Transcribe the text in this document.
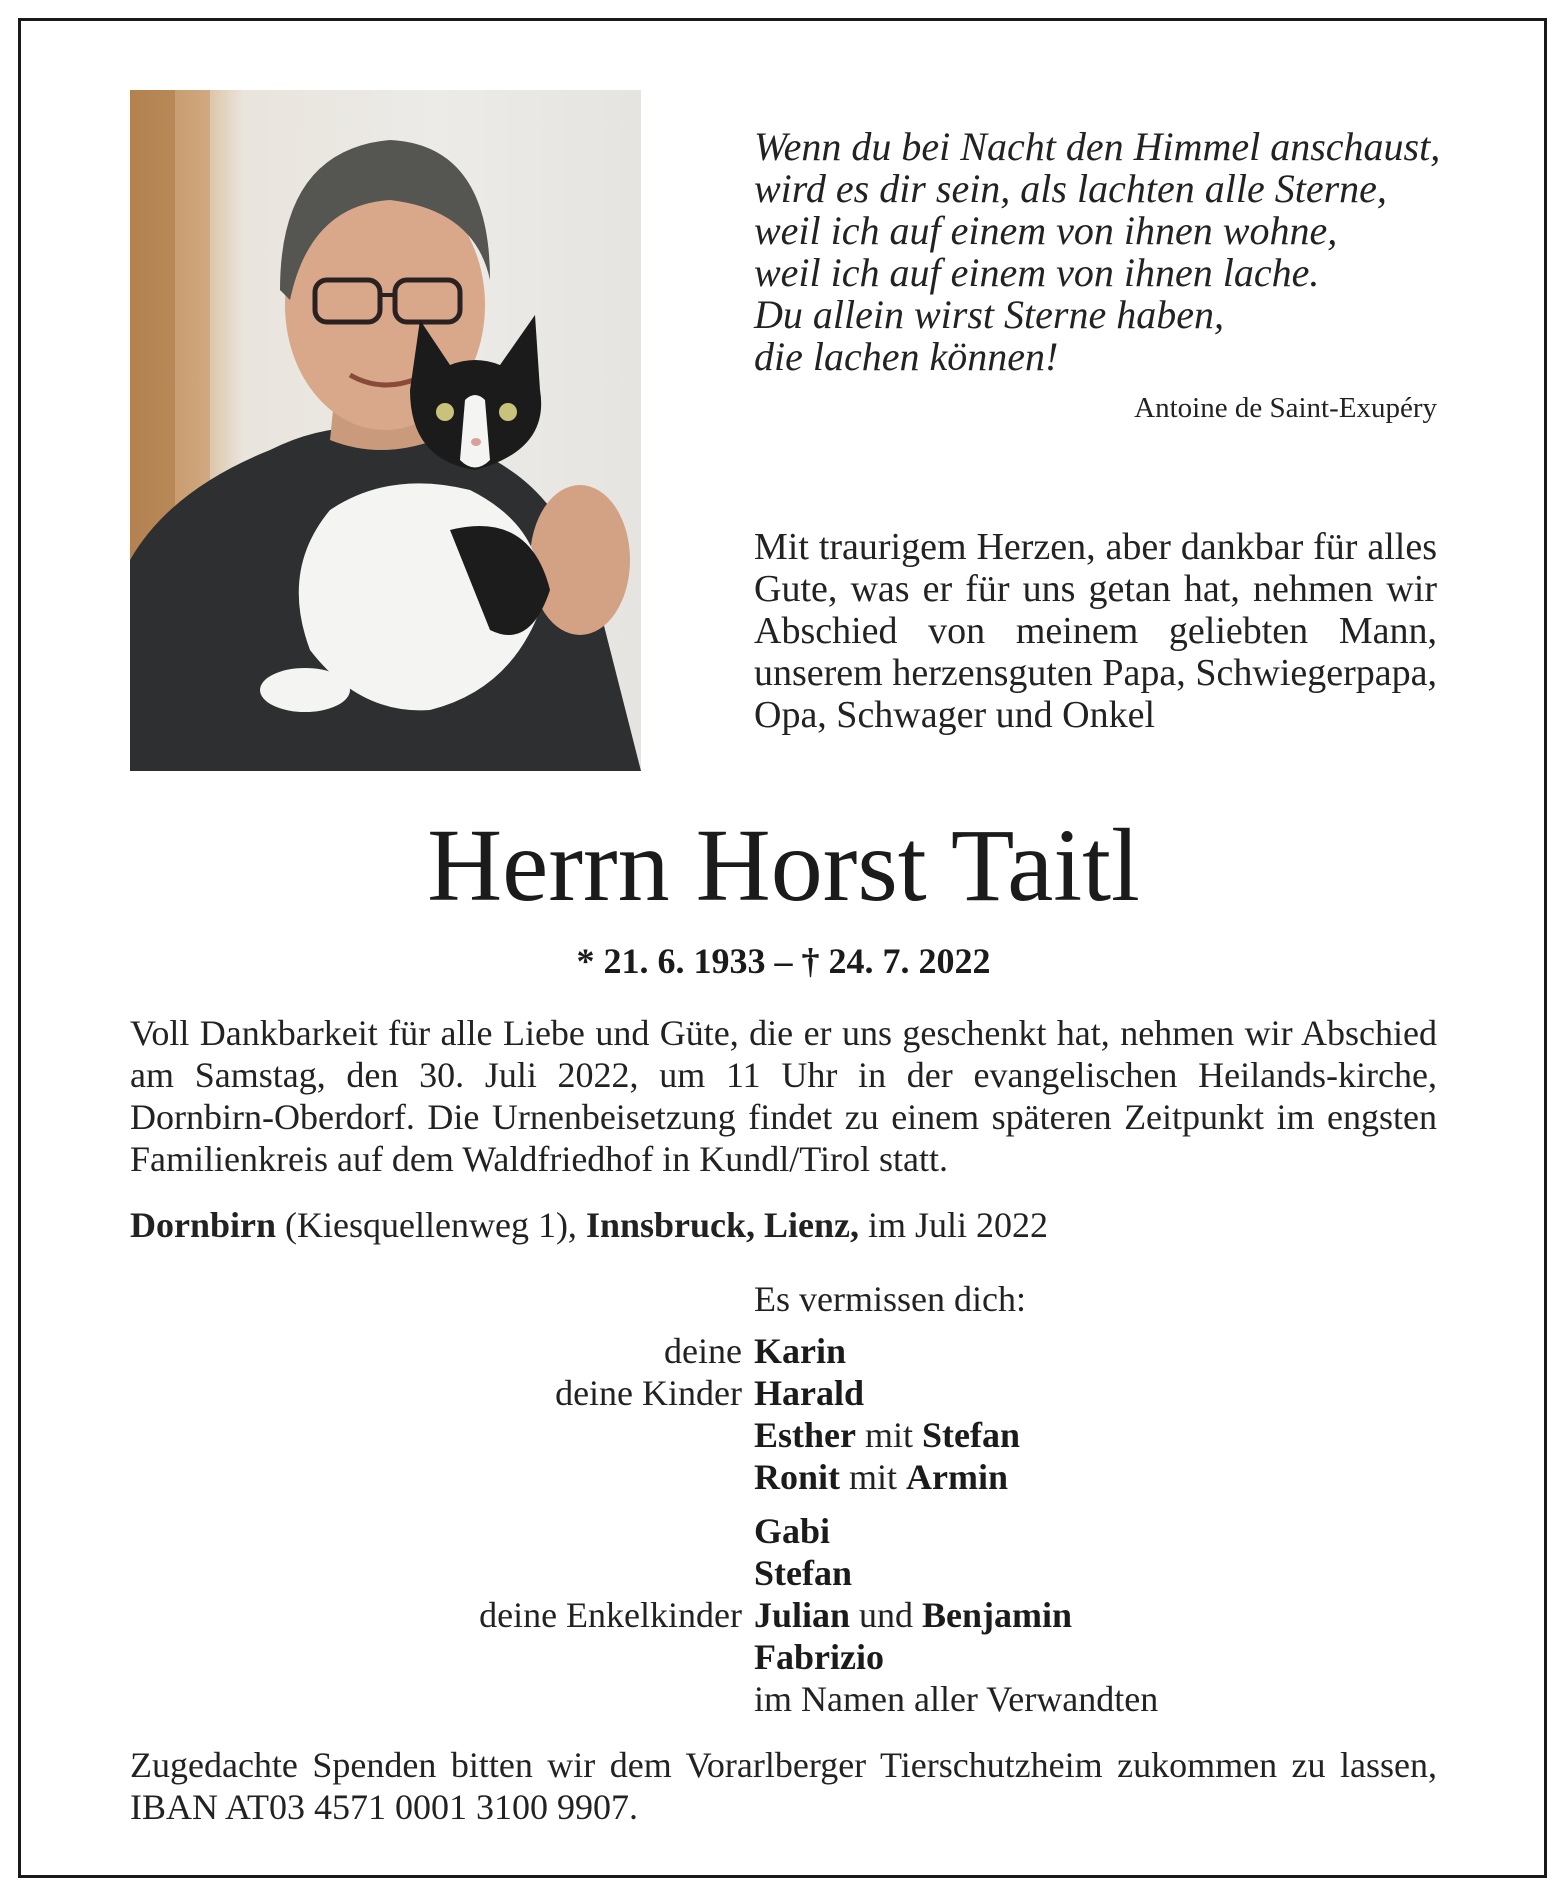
Wenn du bei Nacht den Himmel anschaust,
wird es dir sein, als lachten alle Sterne,
weil ich auf einem von ihnen wohne,
weil ich auf einem von ihnen lache.
Du allein wirst Sterne haben,
die lachen können!
Antoine de Saint-Exupéry
Mit traurigem Herzen, aber dankbar für alles Gute, was er für uns getan hat, nehmen wir Abschied von meinem geliebten Mann, unserem herzensguten Papa, Schwiegerpapa, Opa, Schwager und Onkel
Herrn Horst Taitl
* 21. 6. 1933 – † 24. 7. 2022
Voll Dankbarkeit für alle Liebe und Güte, die er uns geschenkt hat, nehmen wir Abschied am Samstag, den 30. Juli 2022, um 11 Uhr in der evangelischen Heilands-kirche, Dornbirn-Oberdorf. Die Urnenbeisetzung findet zu einem späteren Zeitpunkt im engsten Familienkreis auf dem Waldfriedhof in Kundl/Tirol statt.
Dornbirn (Kiesquellenweg 1), Innsbruck, Lienz, im Juli 2022
Es vermissen dich:
deine Karin
deine Kinder Harald
Esther mit Stefan
Ronit mit Armin
Gabi
Stefan
deine Enkelkinder Julian und Benjamin
Fabrizio
im Namen aller Verwandten
Zugedachte Spenden bitten wir dem Vorarlberger Tierschutzheim zukommen zu lassen, IBAN AT03 4571 0001 3100 9907.
